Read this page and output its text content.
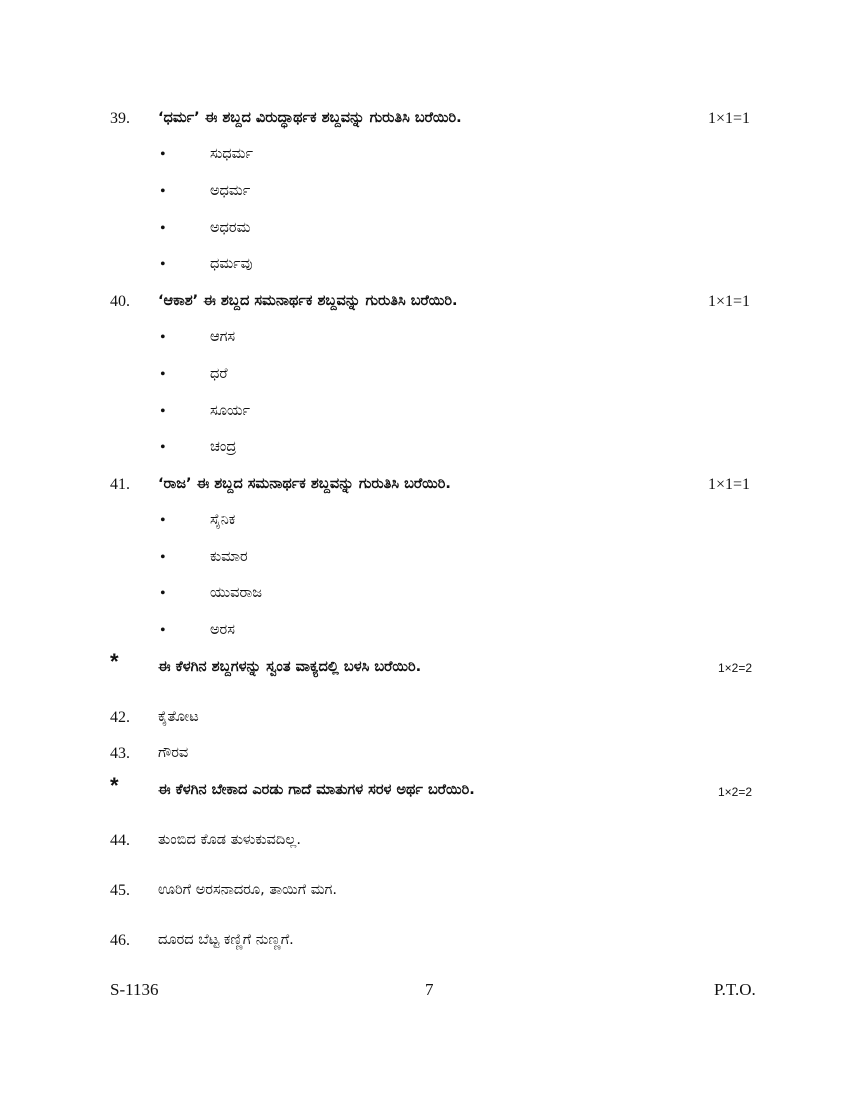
39. ‘ಧರ್ಮ’ ಈ ಶಬ್ದದ ವಿರುದ್ಧಾರ್ಥಕ ಶಬ್ದವನ್ನು ಗುರುತಿಸಿ ಬರೆಯಿರಿ.	1×1=1
•	ಸುಧರ್ಮ
•	ಅಧರ್ಮ
•	ಅಧರಮ
•	ಧರ್ಮವು
40. ‘ಆಕಾಶ’ ಈ ಶಬ್ದದ ಸಮನಾರ್ಥಕ ಶಬ್ದವನ್ನು ಗುರುತಿಸಿ ಬರೆಯಿರಿ.	1×1=1
•	ಆಗಸ
•	ಧರೆ
•	ಸೂರ್ಯ
•	ಚಂದ್ರ
41. ‘ರಾಜ’ ಈ ಶಬ್ದದ ಸಮನಾರ್ಥಕ ಶಬ್ದವನ್ನು ಗುರುತಿಸಿ ಬರೆಯಿರಿ.	1×1=1
•	ಸೈನಿಕ
•	ಕುಮಾರ
•	ಯುವರಾಜ
•	ಅರಸ
*	ಈ ಕೆಳಗಿನ ಶಬ್ದಗಳನ್ನು ಸ್ವಂತ ವಾಕ್ಯದಲ್ಲಿ ಬಳಸಿ ಬರೆಯಿರಿ.	1×2=2
42. ಕೈತೋಟ
43. ಗೌರವ
*	ಈ ಕೆಳಗಿನ ಬೇಕಾದ ಎರಡು ಗಾದೆ ಮಾತುಗಳ ಸರಳ ಅರ್ಥ ಬರೆಯಿರಿ.	1×2=2
44. ತುಂಬಿದ ಕೊಡ ತುಳುಕುವದಿಲ್ಲ.
45. ಊರಿಗೆ ಅರಸನಾದರೂ, ತಾಯಿಗೆ ಮಗ.
46. ದೂರದ ಬೆಟ್ಟ ಕಣ್ಣಿಗೆ ನುಣ್ಣಗೆ.
S-1136	7	P.T.O.
